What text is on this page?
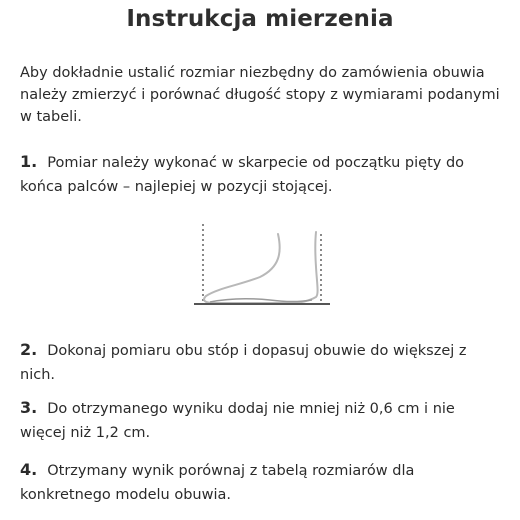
Instrukcja mierzenia
Aby dokładnie ustalić rozmiar niezbędny do zamówienia obuwia należy zmierzyć i porównać długość stopy z wymiarami podanymi w tabeli.
1. Pomiar należy wykonać w skarpecie od początku pięty do końca palców – najlepiej w pozycji stojącej.
2. Dokonaj pomiaru obu stóp i dopasuj obuwie do większej z nich.
3. Do otrzymanego wyniku dodaj nie mniej niż 0,6 cm i nie więcej niż 1,2 cm.
4. Otrzymany wynik porównaj z tabelą rozmiarów dla konkretnego modelu obuwia.
